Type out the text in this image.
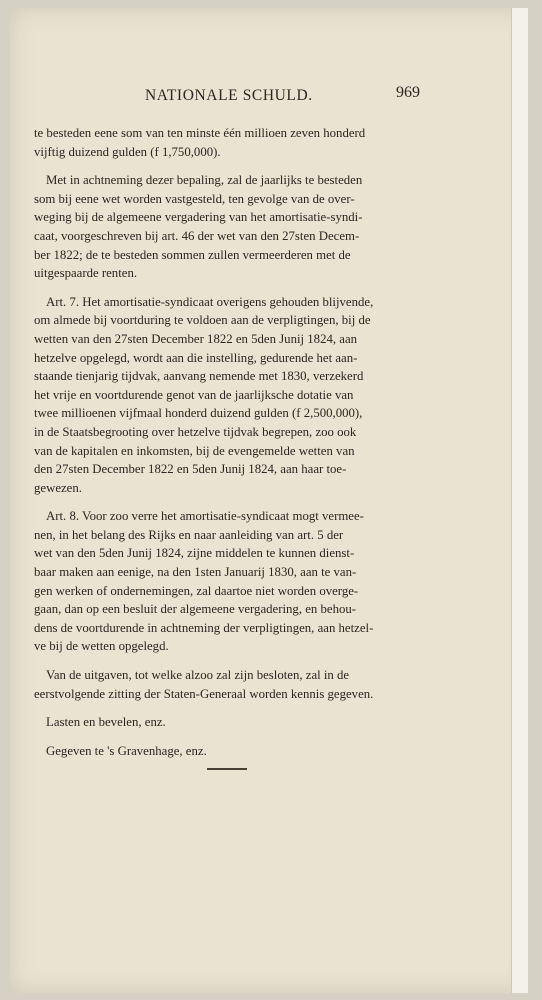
NATIONALE SCHULD.	969
te besteden eene som van ten minste één millioen zeven honderd
vijftig duizend gulden (f 1,750,000).
Met in achtneming dezer bepaling, zal de jaarlijks te besteden
som bij eene wet worden vastgesteld, ten gevolge van de over-
weging bij de algemeene vergadering van het amortisatie-syndi-
caat, voorgeschreven bij art. 46 der wet van den 27sten Decem-
ber 1822; de te besteden sommen zullen vermeerderen met de
uitgespaarde renten.
Art. 7. Het amortisatie-syndicaat overigens gehouden blijvende,
om almede bij voortduring te voldoen aan de verpligtingen, bij de
wetten van den 27sten December 1822 en 5den Junij 1824, aan
hetzelve opgelegd, wordt aan die instelling, gedurende het aan-
staande tienjarig tijdvak, aanvang nemende met 1830, verzekerd
het vrije en voortdurende genot van de jaarlijksche dotatie van
twee millioenen vijfmaal honderd duizend gulden (f 2,500,000),
in de Staatsbegrooting over hetzelve tijdvak begrepen, zoo ook
van de kapitalen en inkomsten, bij de evengemelde wetten van
den 27sten December 1822 en 5den Junij 1824, aan haar toe-
gewezen.
Art. 8. Voor zoo verre het amortisatie-syndicaat mogt vermee-
nen, in het belang des Rijks en naar aanleiding van art. 5 der
wet van den 5den Junij 1824, zijne middelen te kunnen dienst-
baar maken aan eenige, na den 1sten Januarij 1830, aan te van-
gen werken of ondernemingen, zal daartoe niet worden overge-
gaan, dan op een besluit der algemeene vergadering, en behou-
dens de voortdurende in achtneming der verpligtingen, aan hetzel-
ve bij de wetten opgelegd.
Van de uitgaven, tot welke alzoo zal zijn besloten, zal in de
eerstvolgende zitting der Staten-Generaal worden kennis gegeven.
Lasten en bevelen, enz.
Gegeven te 's Gravenhage, enz.
